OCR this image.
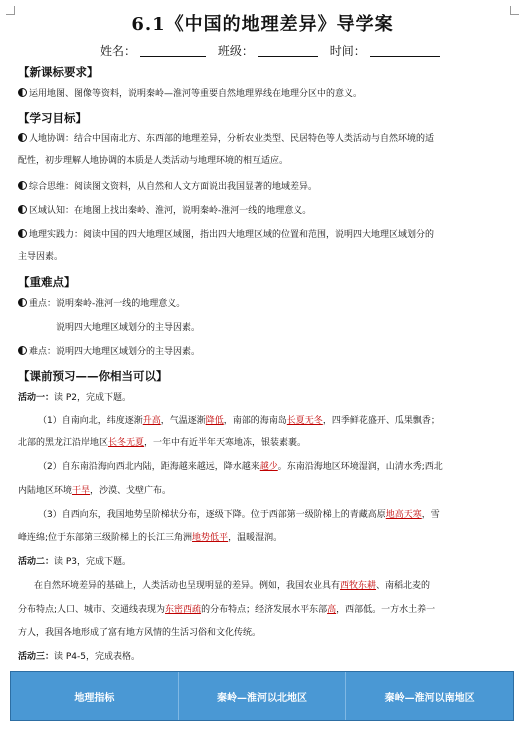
6.1《中国的地理差异》导学案
姓名：	班级：	时间：
【新课标要求】
运用地图、图像等资料，说明秦岭—淮河等重要自然地理界线在地理分区中的意义。
【学习目标】
人地协调：结合中国南北方、东西部的地理差异，分析农业类型、民居特色等人类活动与自然环境的适
配性，初步理解人地协调的本质是人类活动与地理环境的相互适应。
综合思维：阅读图文资料，从自然和人文方面说出我国显著的地域差异。
区域认知：在地图上找出秦岭、淮河，说明秦岭-淮河一线的地理意义。
地理实践力：阅读中国的四大地理区域图，指出四大地理区域的位置和范围，说明四大地理区域划分的
主导因素。
【重难点】
重点：说明秦岭-淮河一线的地理意义。
说明四大地理区域划分的主导因素。
难点：说明四大地理区域划分的主导因素。
【课前预习——你相当可以】
活动一：读 P2，完成下题。
（1）自南向北，纬度逐渐升高，气温逐渐降低，南部的海南岛长夏无冬，四季鲜花盛开、瓜果飘香；
北部的黑龙江沿岸地区长冬无夏，一年中有近半年天寒地冻，银装素裹。
（2）自东南沿海向西北内陆，距海越来越远，降水越来越少。东南沿海地区环境湿润，山清水秀;西北
内陆地区环境干旱，沙漠、戈壁广布。
（3）自西向东，我国地势呈阶梯状分布，逐级下降。位于西部第一级阶梯上的青藏高原地高天寒，雪
峰连绵;位于东部第三级阶梯上的长江三角洲地势低平，温暖湿润。
活动二：读 P3，完成下题。
在自然环境差异的基础上，人类活动也呈现明显的差异。例如，我国农业具有西牧东耕、南稻北麦的
分布特点;人口、城市、交通线表现为东密西疏的分布特点；经济发展水平东部高，西部低。一方水土养一
方人，我国各地形成了富有地方风情的生活习俗和文化传统。
活动三：读 P4-5，完成表格。
地理指标	秦岭—淮河以北地区	秦岭—淮河以南地区
